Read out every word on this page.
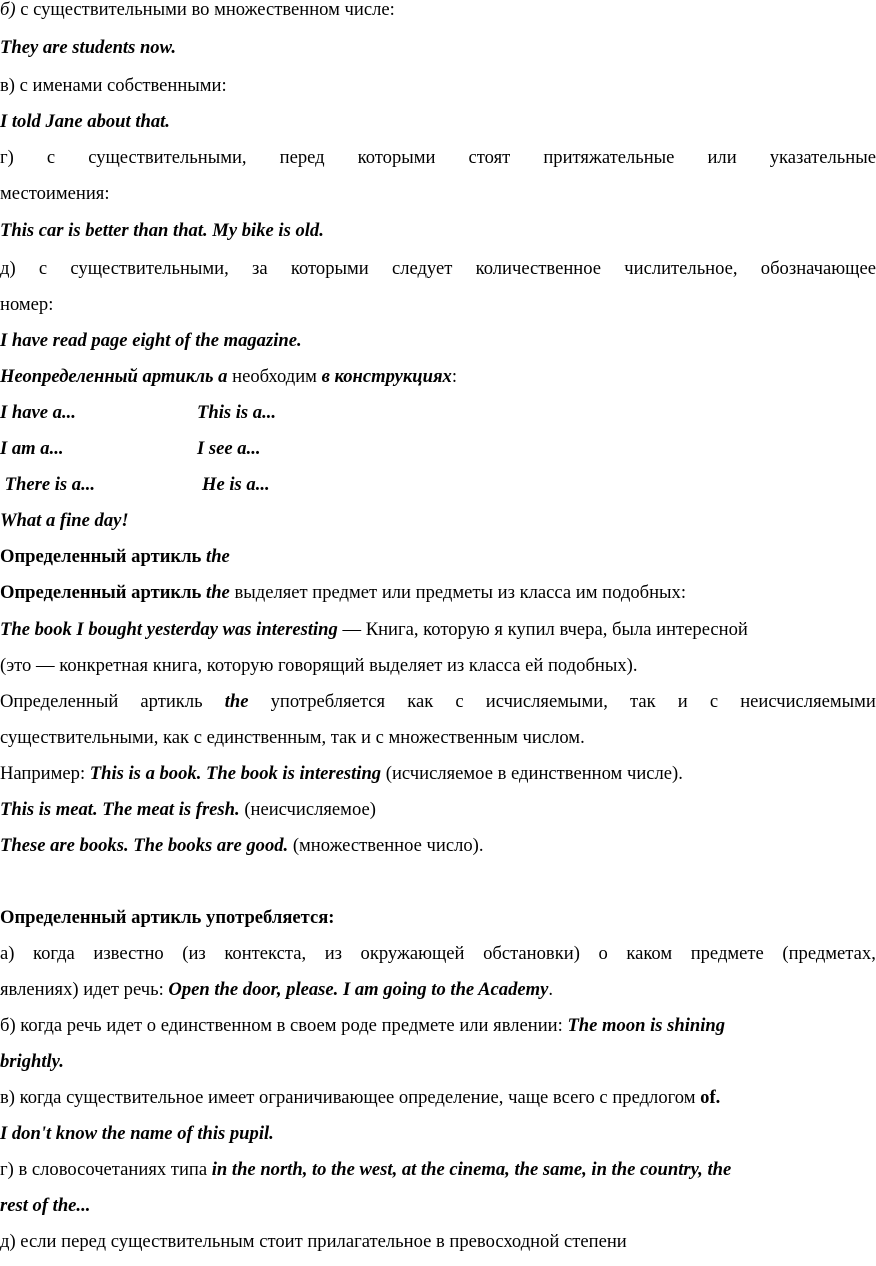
б) с существительными во множественном числе:
They are students now.
в) с именами собственными:
I told Jane about that.
г) с существительными, перед которыми стоят притяжательные или указательные
местоимения:
This car is better than that. My bike is old.
д) с существительными, за которыми следует количественное числительное, обозначающее
номер:
I have read page eight of the magazine.
Неопределенный артикль a необходим в конструкциях:
I have a...	This is a...
I am a...	I see a...
There is a...	He is a...
What a fine day!
Определенный артикль the
Определенный артикль the выделяет предмет или предметы из класса им подобных:
The book I bought yesterday was interesting — Книга, которую я купил вчера, была интересной
(это — конкретная книга, которую говорящий выделяет из класса ей подобных).
Определенный артикль the употребляется как с исчисляемыми, так и с неисчисляемыми
существительными, как с единственным, так и с множественным числом.
Например: This is a book. The book is interesting (исчисляемое в единственном числе).
This is meat. The meat is fresh. (неисчисляемое)
These are books. The books are good. (множественное число).
Определенный артикль употребляется:
а) когда известно (из контекста, из окружающей обстановки) о каком предмете (предметах,
явлениях) идет речь: Open the door, please. I am going to the Academy.
б) когда речь идет о единственном в своем роде предмете или явлении: The moon is shining
brightly.
в) когда существительное имеет ограничивающее определение, чаще всего с предлогом of.
I don't know the name of this pupil.
г) в словосочетаниях типа in the north, to the west, at the cinema, the same, in the country, the
rest of the...
д) если перед существительным стоит прилагательное в превосходной степени
